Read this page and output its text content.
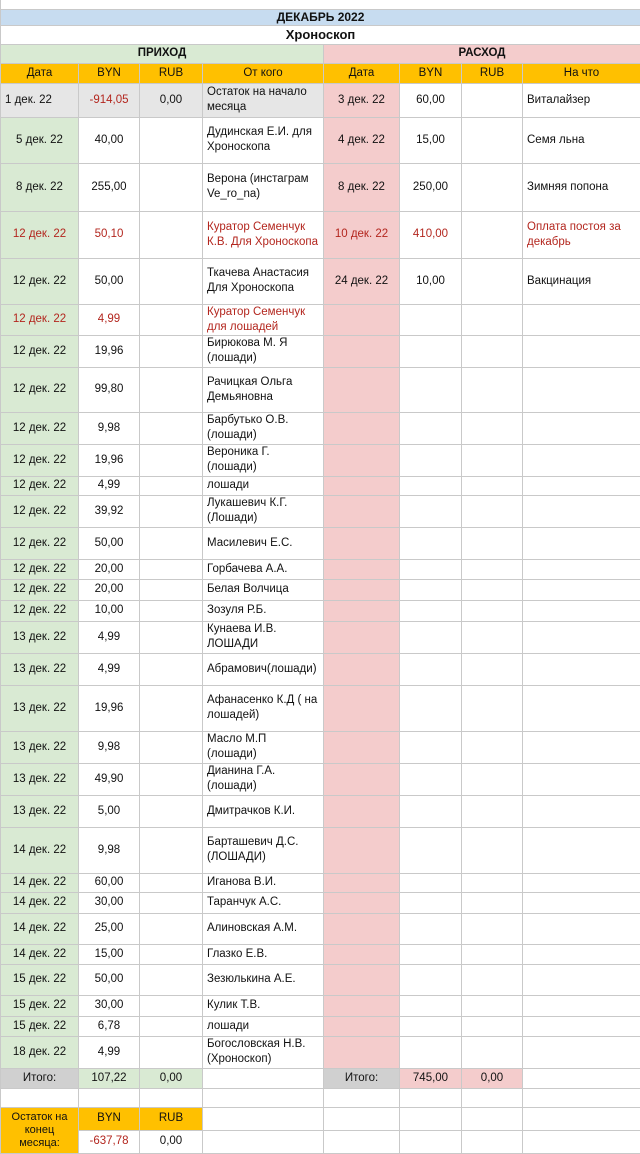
ДЕКАБРЬ 2022							
Хроноскоп							
ПРИХОД				РАСХОД			
Дата	BYN	RUB	От кого	Дата	BYN	RUB	На что
1 дек. 22	-914,05	0,00	Остаток на начало месяца	3 дек. 22	60,00		Виталайзер
5 дек. 22	40,00		Дудинская Е.И. для Хроноскопа	4 дек. 22	15,00		Семя льна
8 дек. 22	255,00		Верона (инстаграм Ve_ro_na)	8 дек. 22	250,00		Зимняя попона
12 дек. 22	50,10		Куратор Семенчук К.В. Для Хроноскопа	10 дек. 22	410,00		Оплата постоя за декабрь
12 дек. 22	50,00		Ткачева Анастасия Для Хроноскопа	24 дек. 22	10,00		Вакцинация
12 дек. 22	4,99		Куратор Семенчук для лошадей				
12 дек. 22	19,96		Бирюкова М. Я (лошади)				
12 дек. 22	99,80		Рачицкая Ольга Демьяновна				
12 дек. 22	9,98		Барбутько О.В. (лошади)				
12 дек. 22	19,96		Вероника Г. (лошади)				
12 дек. 22	4,99		лошади				
12 дек. 22	39,92		Лукашевич К.Г. (Лошади)				
12 дек. 22	50,00		Масилевич Е.С.				
12 дек. 22	20,00		Горбачева А.А.				
12 дек. 22	20,00		Белая Волчица				
12 дек. 22	10,00		Зозуля Р.Б.				
13 дек. 22	4,99		Кунаева И.В. ЛОШАДИ				
13 дек. 22	4,99		Абрамович(лошади)				
13 дек. 22	19,96		Афанасенко К.Д ( на лошадей)				
13 дек. 22	9,98		Масло М.П (лошади)				
13 дек. 22	49,90		Дианина Г.А. (лошади)				
13 дек. 22	5,00		Дмитрачков К.И.				
14 дек. 22	9,98		Барташевич Д.С. (ЛОШАДИ)				
14 дек. 22	60,00		Иганова В.И.				
14 дек. 22	30,00		Таранчук А.С.				
14 дек. 22	25,00		Алиновская А.М.				
14 дек. 22	15,00		Глазко Е.В.				
15 дек. 22	50,00		Зезюлькина А.Е.				
15 дек. 22	30,00		Кулик Т.В.				
15 дек. 22	6,78		лошади				
18 дек. 22	4,99		Богословская Н.В. (Хроноскоп)				
Итого:	107,22	0,00		Итого:	745,00	0,00	

Остаток на конец месяца:	BYN	RUB					
	-637,78	0,00					
